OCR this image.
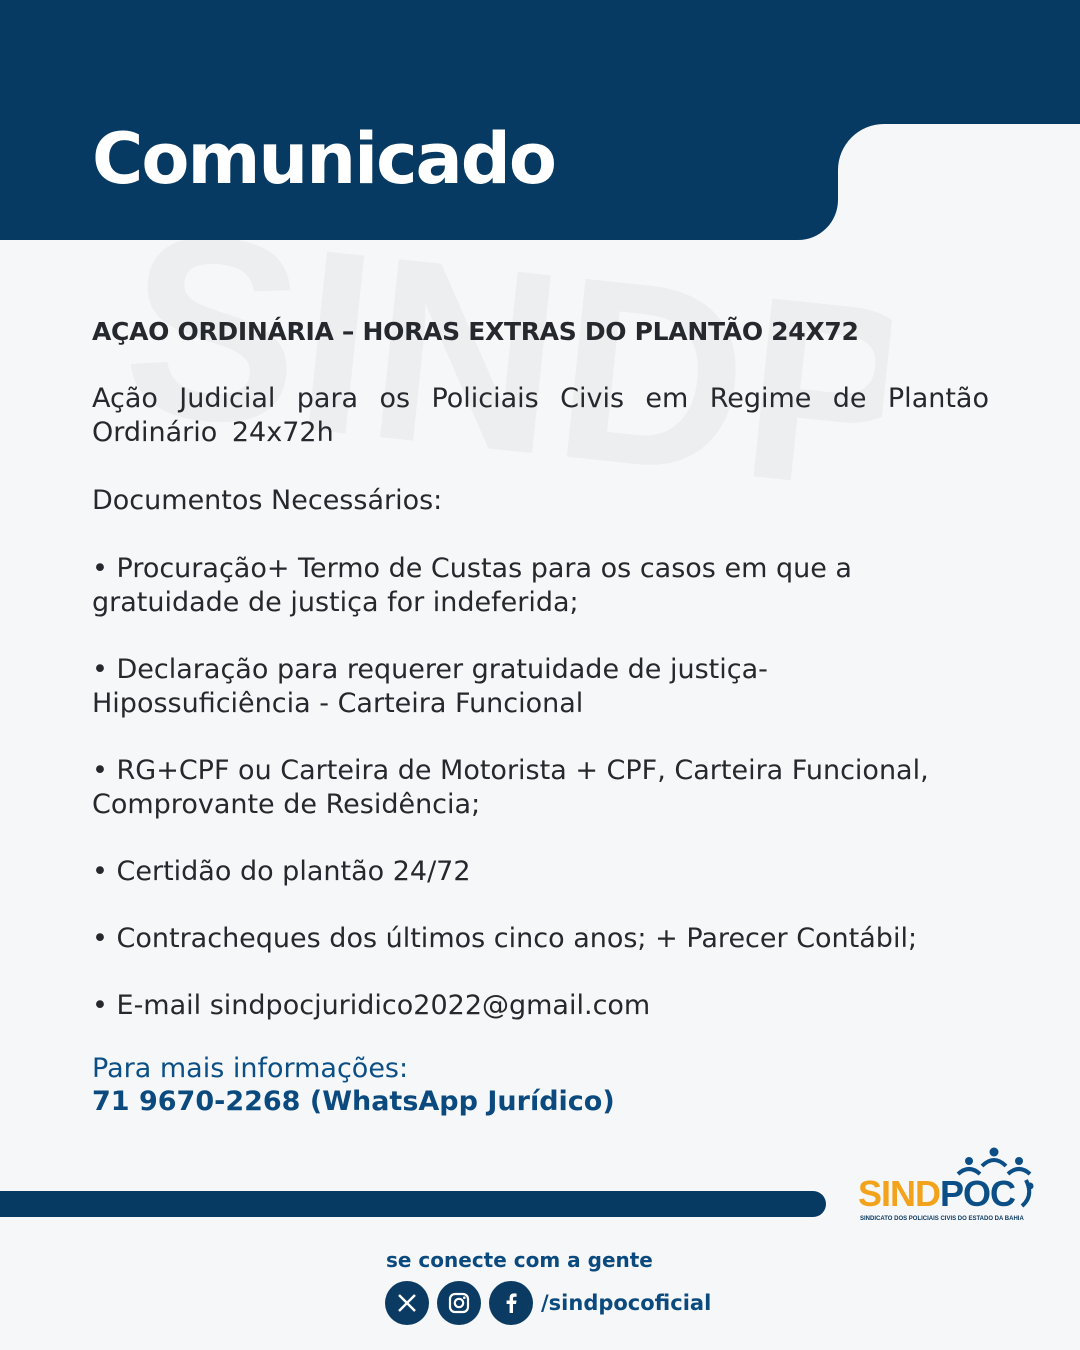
Comunicado
AÇAO ORDINÁRIA – HORAS EXTRAS DO PLANTÃO 24X72
Ação Judicial para os Policiais Civis em Regime de Plantão Ordinário 24x72h
Documentos Necessários:
• Procuração+ Termo de Custas para os casos em que a gratuidade de justiça for indeferida;
• Declaração para requerer gratuidade de justiça- Hipossuficiência - Carteira Funcional
• RG+CPF ou Carteira de Motorista + CPF, Carteira Funcional, Comprovante de Residência;
• Certidão do plantão 24/72
• Contracheques dos últimos cinco anos; + Parecer Contábil;
• E-mail sindpocjuridico2022@gmail.com
Para mais informações:
71 9670-2268 (WhatsApp Jurídico)
SINDPOC
SINDICATO DOS POLICIAIS CIVIS DO ESTADO DA BAHIA
se conecte com a gente
/sindpocoficial
